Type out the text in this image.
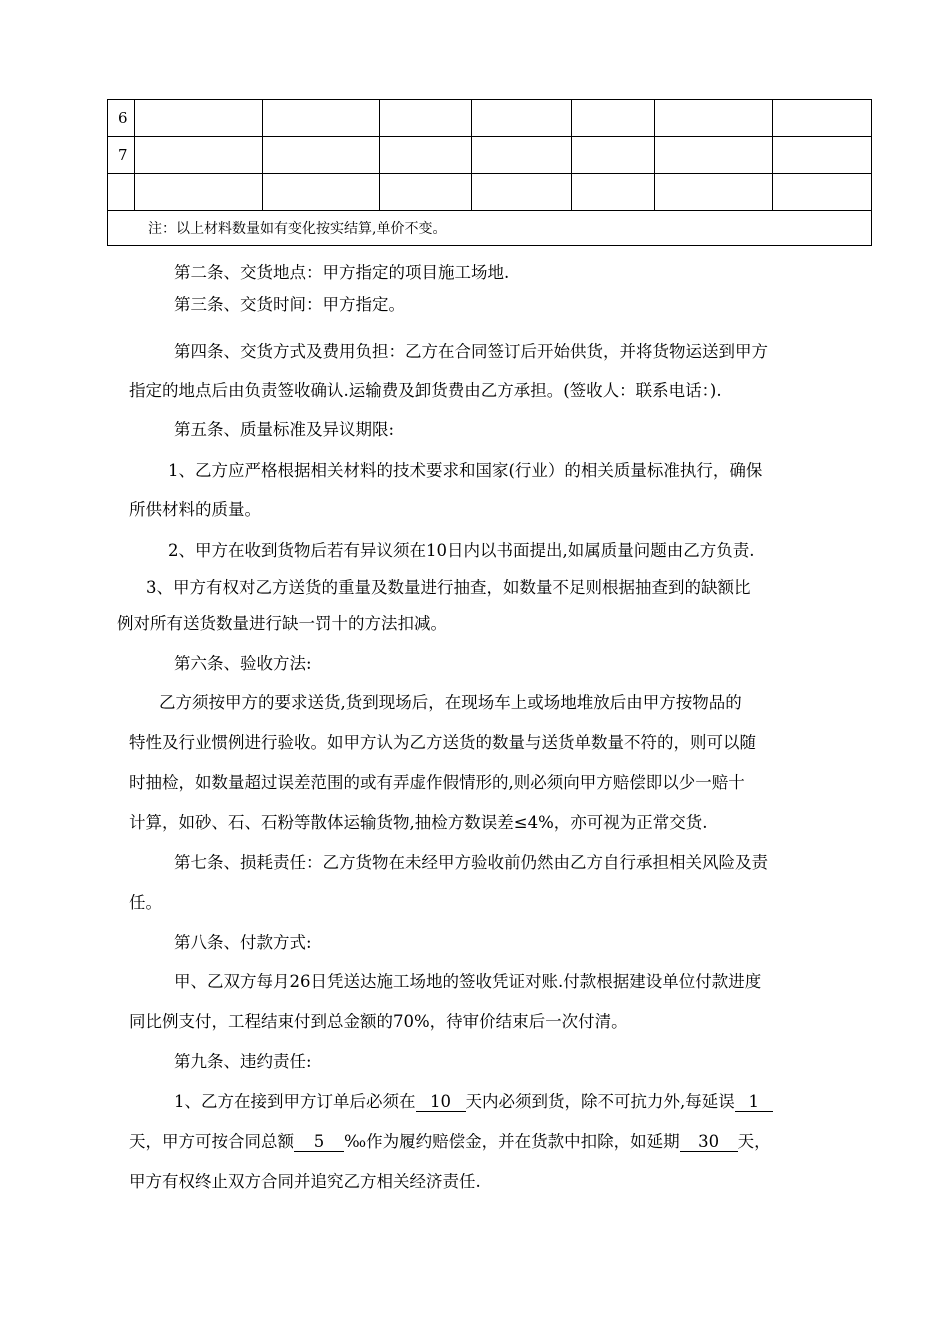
6							
7							

注：以上材料数量如有变化按实结算,单价不变。							
第二条、交货地点：甲方指定的项目施工场地.
第三条、交货时间：甲方指定。
第四条、交货方式及费用负担：乙方在合同签订后开始供货，并将货物运送到甲方
指定的地点后由负责签收确认.运输费及卸货费由乙方承担。(签收人：联系电话：).
第五条、质量标准及异议期限:
1、乙方应严格根据相关材料的技术要求和国家(行业）的相关质量标准执行，确保
所供材料的质量。
2、甲方在收到货物后若有异议须在10日内以书面提出,如属质量问题由乙方负责.
3、甲方有权对乙方送货的重量及数量进行抽查，如数量不足则根据抽查到的缺额比
例对所有送货数量进行缺一罚十的方法扣减。
第六条、验收方法:
乙方须按甲方的要求送货,货到现场后，在现场车上或场地堆放后由甲方按物品的
特性及行业惯例进行验收。如甲方认为乙方送货的数量与送货单数量不符的，则可以随
时抽检，如数量超过误差范围的或有弄虚作假情形的,则必须向甲方赔偿即以少一赔十
计算，如砂、石、石粉等散体运输货物,抽检方数误差≤4%，亦可视为正常交货.
第七条、损耗责任：乙方货物在未经甲方验收前仍然由乙方自行承担相关风险及责
任。
第八条、付款方式:
甲、乙双方每月26日凭送达施工场地的签收凭证对账.付款根据建设单位付款进度
同比例支付，工程结束付到总金额的70%，待审价结束后一次付清。
第九条、违约责任:
1、乙方在接到甲方订单后必须在 10 天内必须到货，除不可抗力外,每延误 1
天，甲方可按合同总额 5 ‰作为履约赔偿金，并在货款中扣除，如延期 30 天，
甲方有权终止双方合同并追究乙方相关经济责任.
